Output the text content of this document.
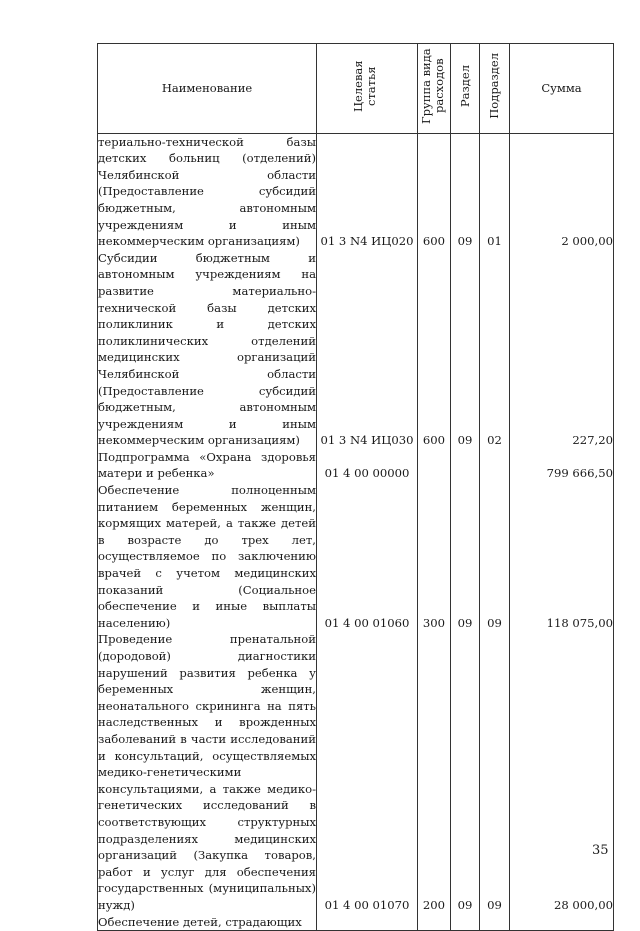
Наименование	Целевая статья	Группа вида расходов	Раздел	Подраздел	Сумма

териально-технической базы детских больниц (отделений) Челябинской области (Предоставление субсидий бюджетным, автономным учреждениям и иным некоммерческим организациям)	01 3 N4 ИЦ020	600	09	01	2 000,00
Субсидии бюджетным и автономным учреждениям на развитие материально-технической базы детских поликлиник и детских поликлинических отделений медицинских организаций Челябинской области (Предоставление субсидий бюджетным, автономным учреждениям и иным некоммерческим организациям)	01 3 N4 ИЦ030	600	09	02	227,20
Подпрограмма «Охрана здоровья матери и ребенка»	01 4 00 00000				799 666,50
Обеспечение полноценным питанием беременных женщин, кормящих матерей, а также детей в возрасте до трех лет, осуществляемое по заключению врачей с учетом медицинских показаний (Социальное обеспечение и иные выплаты населению)	01 4 00 01060	300	09	09	118 075,00
Проведение пренатальной (дородовой) диагностики нарушений развития ребенка у беременных женщин, неонатального скрининга на пять наследственных и врожденных заболеваний в части исследований и консультаций, осуществляемых медико-генетическими консультациями, а также медико-генетических исследований в соответствующих структурных подразделениях медицинских организаций (Закупка товаров, работ и услуг для обеспечения государственных (муниципальных) нужд)	01 4 00 01070	200	09	09	28 000,00
Обеспечение детей, страдающих					
35
